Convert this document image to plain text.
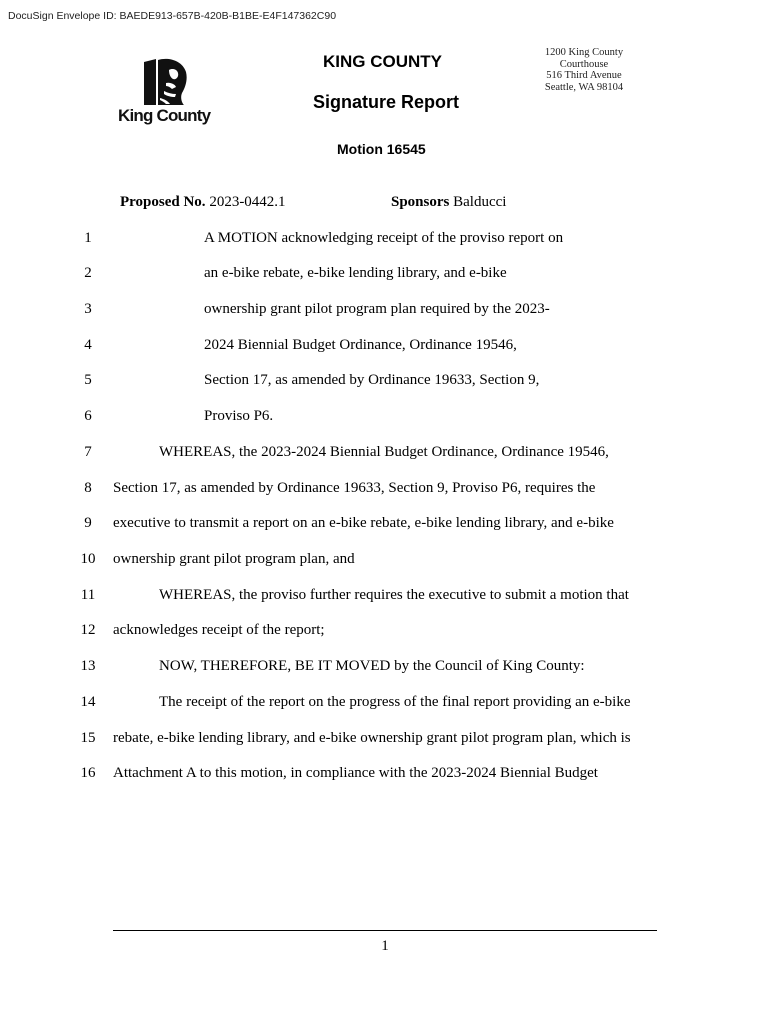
DocuSign Envelope ID: BAEDE913-657B-420B-B1BE-E4F147362C90
King County
KING COUNTY	1200 King County Courthouse
516 Third Avenue
Seattle, WA 98104
Signature Report
Motion 16545
Proposed No. 2023-0442.1	Sponsors Balducci
1	A MOTION acknowledging receipt of the proviso report on
2	an e-bike rebate, e-bike lending library, and e-bike
3	ownership grant pilot program plan required by the 2023-
4	2024 Biennial Budget Ordinance, Ordinance 19546,
5	Section 17, as amended by Ordinance 19633, Section 9,
6	Proviso P6.
7	WHEREAS, the 2023-2024 Biennial Budget Ordinance, Ordinance 19546,
8	Section 17, as amended by Ordinance 19633, Section 9, Proviso P6, requires the
9	executive to transmit a report on an e-bike rebate, e-bike lending library, and e-bike
10	ownership grant pilot program plan, and
11	WHEREAS, the proviso further requires the executive to submit a motion that
12	acknowledges receipt of the report;
13	NOW, THEREFORE, BE IT MOVED by the Council of King County:
14	The receipt of the report on the progress of the final report providing an e-bike
15	rebate, e-bike lending library, and e-bike ownership grant pilot program plan, which is
16	Attachment A to this motion, in compliance with the 2023-2024 Biennial Budget
1
